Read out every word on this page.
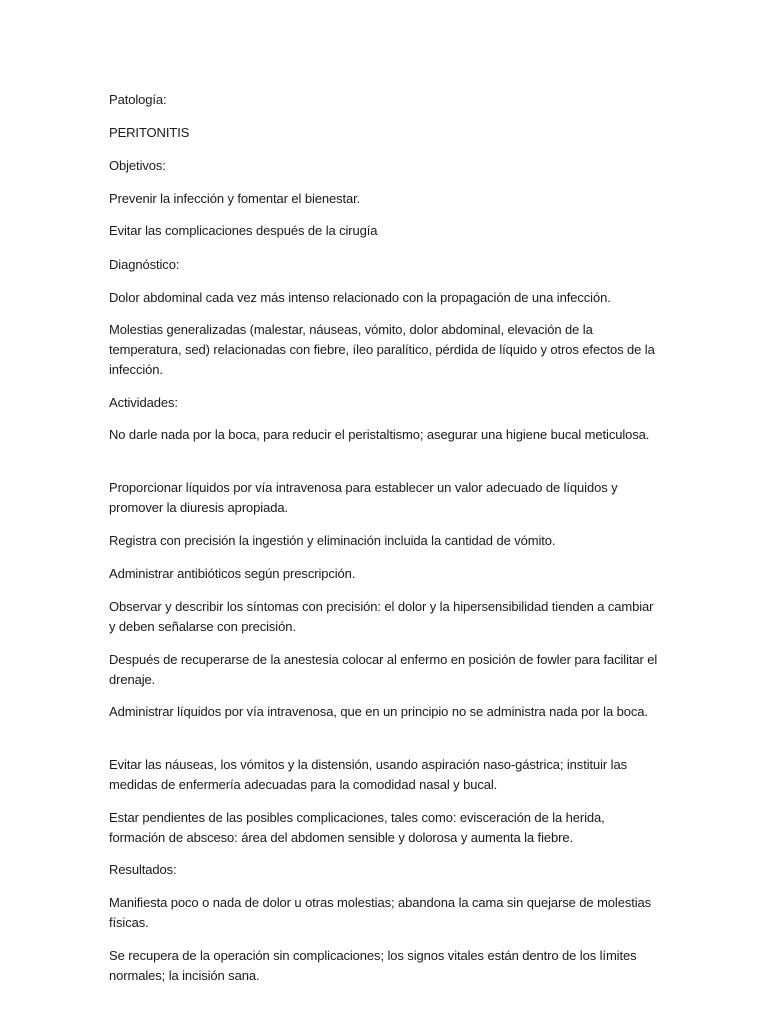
Patología:

PERITONITIS

Objetivos:

Prevenir la infección y fomentar el bienestar.

Evitar las complicaciones después de la cirugía

Diagnóstico:

Dolor abdominal cada vez más intenso relacionado con la propagación de una infección.

Molestias generalizadas (malestar, náuseas, vómito, dolor abdominal, elevación de la temperatura, sed) relacionadas con fiebre, íleo paralítico, pérdida de líquido y otros efectos de la infección.

Actividades:

No darle nada por la boca, para reducir el peristaltismo; asegurar una higiene bucal meticulosa.

Proporcionar líquidos por vía intravenosa para establecer un valor adecuado de líquidos y promover la diuresis apropiada.

Registra con precisión la ingestión y eliminación incluida la cantidad de vómito.

Administrar antibióticos según prescripción.

Observar y describir los síntomas con precisión: el dolor y la hipersensibilidad tienden a cambiar y deben señalarse con precisión.

Después de recuperarse de la anestesia colocar al enfermo en posición de fowler para facilitar el drenaje.

Administrar líquidos por vía intravenosa, que en un principio no se administra nada por la boca.

Evitar las náuseas, los vómitos y la distensión, usando aspiración naso-gástrica; instituir las medidas de enfermería adecuadas para la comodidad nasal y bucal.

Estar pendientes de las posibles complicaciones, tales como: evisceración de la herida, formación de absceso: área del abdomen sensible y dolorosa y aumenta la fiebre.

Resultados:

Manifiesta poco o nada de dolor u otras molestias; abandona la cama sin quejarse de molestias físicas.

Se recupera de la operación sin complicaciones; los signos vitales están dentro de los límites normales; la incisión sana.
